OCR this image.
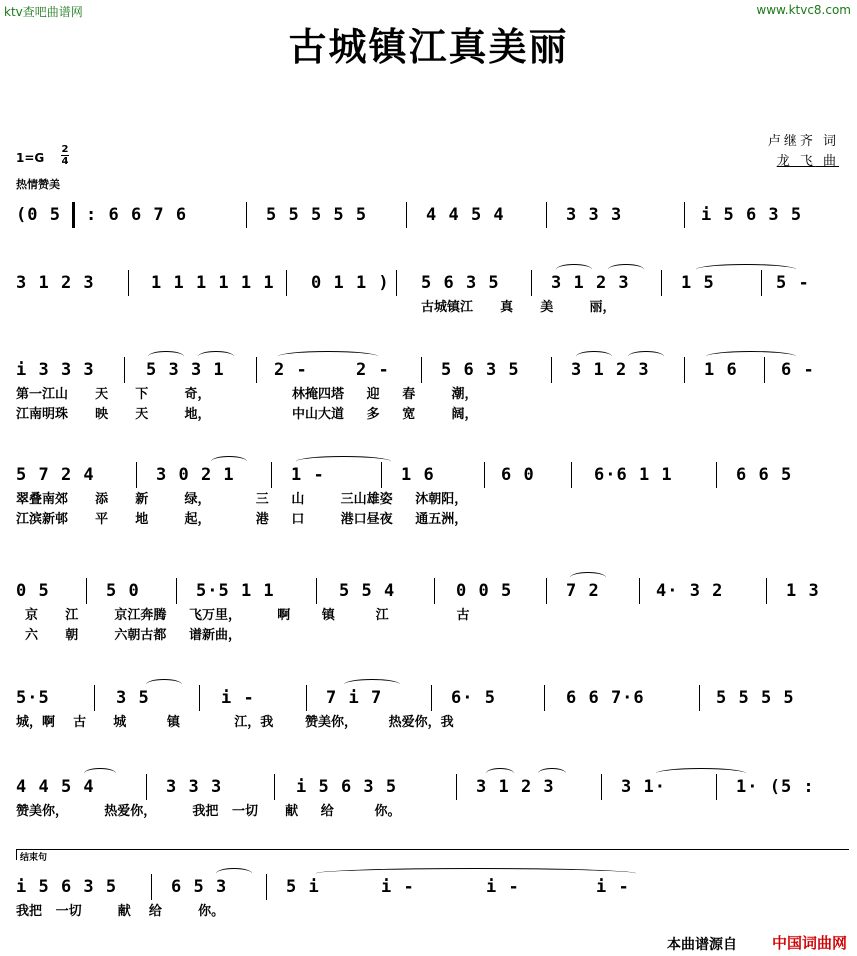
ktv查吧曲谱网	www.ktvc8.com
古城镇江真美丽
卢继齐 词
龙 飞 曲
1=G
2
4
热情赞美
(0 5 : 6 6 7 6	5 5 5 5 5	4 4 5 4	3 3 3	i 5 6 3 5
3 1 2 3	1 1 1 1 1 1 0 1 1 ) 5 6 3 5	3 1 2 3	1 5	5 -
古城镇江      真      美        丽，
i 3 3 3	5 3 3 1	2 -	2 -	5 6 3 5	3 1 2 3	1 6	6 -
第一江山      天      下        奇，                  林掩四塔     迎     春        潮，
江南明珠      映      天        地，                  中山大道     多     宽        阔，
5 7 2 4	3 0 2 1	1 -	1 6	6 0	6·6 1 1	6 6 5
翠叠南郊      添      新        绿，          三     山        三山雄姿     沐朝阳，
江滨新邨      平      地        起，          港     口        港口昼夜     通五洲，
0 5	5 0	5·5 1 1	5 5 4	0 0 5	7 2	4· 3 2	1 3
京      江        京江奔腾     飞万里，        啊       镇         江               古
六      朝        六朝古都     谱新曲，
5·5	3 5	i -	7 i 7	6· 5	6 6 7·6	5 5 5 5
城，啊    古      城         镇            江，我       赞美你，       热爱你，我
4 4 5 4	3 3 3	i 5 6 3 5	3 1 2 3	3 1·	1· (5 :
赞美你，        热爱你，        我把   一切      献     给         你。
i 5 6 3 5	6 5 3	5 i	i -	i -	i -
我把   一切        献    给        你。
结束句
本曲谱源自 中国词曲网
